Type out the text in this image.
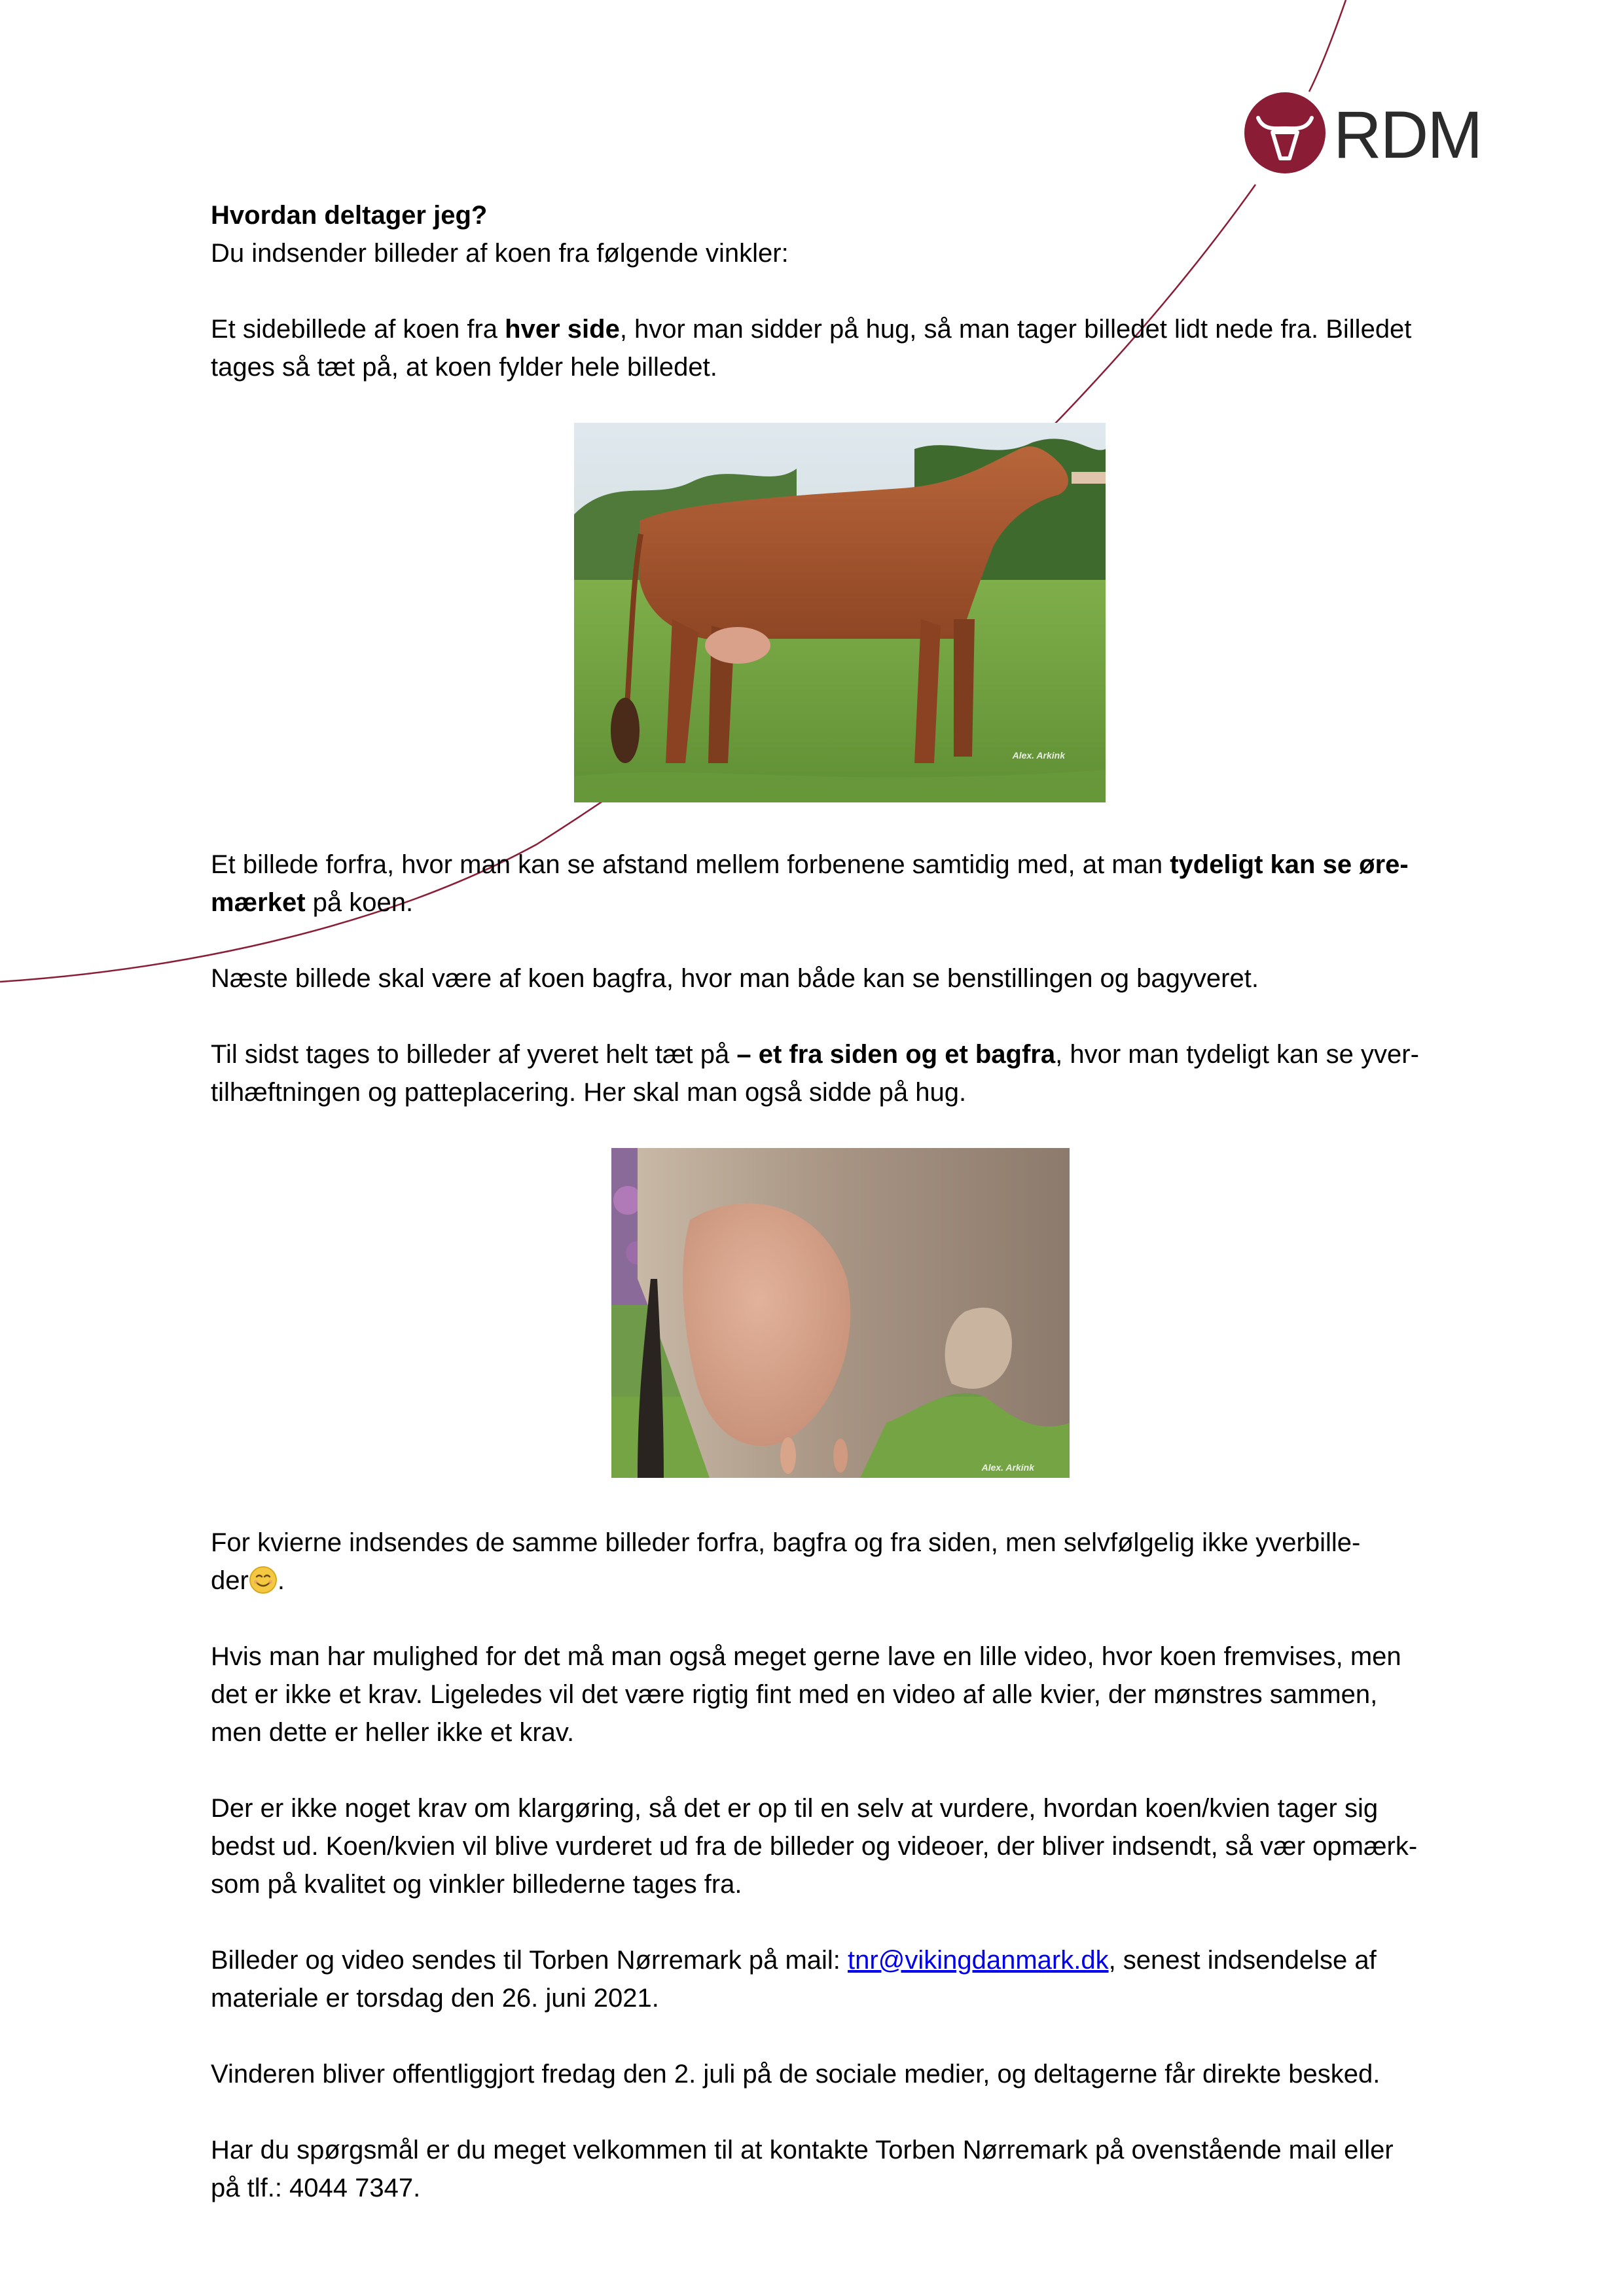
RDM
Hvordan deltager jeg?
Du indsender billeder af koen fra følgende vinkler:
Et sidebillede af koen fra hver side, hvor man sidder på hug, så man tager billedet lidt nede fra. Billedet
tages så tæt på, at koen fylder hele billedet.
Alex. Arkink
Et billede forfra, hvor man kan se afstand mellem forbenene samtidig med, at man tydeligt kan se øre-
mærket på koen.
Næste billede skal være af koen bagfra, hvor man både kan se benstillingen og bagyveret.
Til sidst tages to billeder af yveret helt tæt på – et fra siden og et bagfra, hvor man tydeligt kan se yver-
tilhæftningen og patteplacering. Her skal man også sidde på hug.
Alex. Arkink
For kvierne indsendes de samme billeder forfra, bagfra og fra siden, men selvfølgelig ikke yverbille-
der .
Hvis man har mulighed for det må man også meget gerne lave en lille video, hvor koen fremvises, men
det er ikke et krav. Ligeledes vil det være rigtig fint med en video af alle kvier, der mønstres sammen,
men dette er heller ikke et krav.
Der er ikke noget krav om klargøring, så det er op til en selv at vurdere, hvordan koen/kvien tager sig
bedst ud. Koen/kvien vil blive vurderet ud fra de billeder og videoer, der bliver indsendt, så vær opmærk-
som på kvalitet og vinkler billederne tages fra.
Billeder og video sendes til Torben Nørremark på mail: tnr@vikingdanmark.dk, senest indsendelse af
materiale er torsdag den 26. juni 2021.
Vinderen bliver offentliggjort fredag den 2. juli på de sociale medier, og deltagerne får direkte besked.
Har du spørgsmål er du meget velkommen til at kontakte Torben Nørremark på ovenstående mail eller
på tlf.: 4044 7347.
